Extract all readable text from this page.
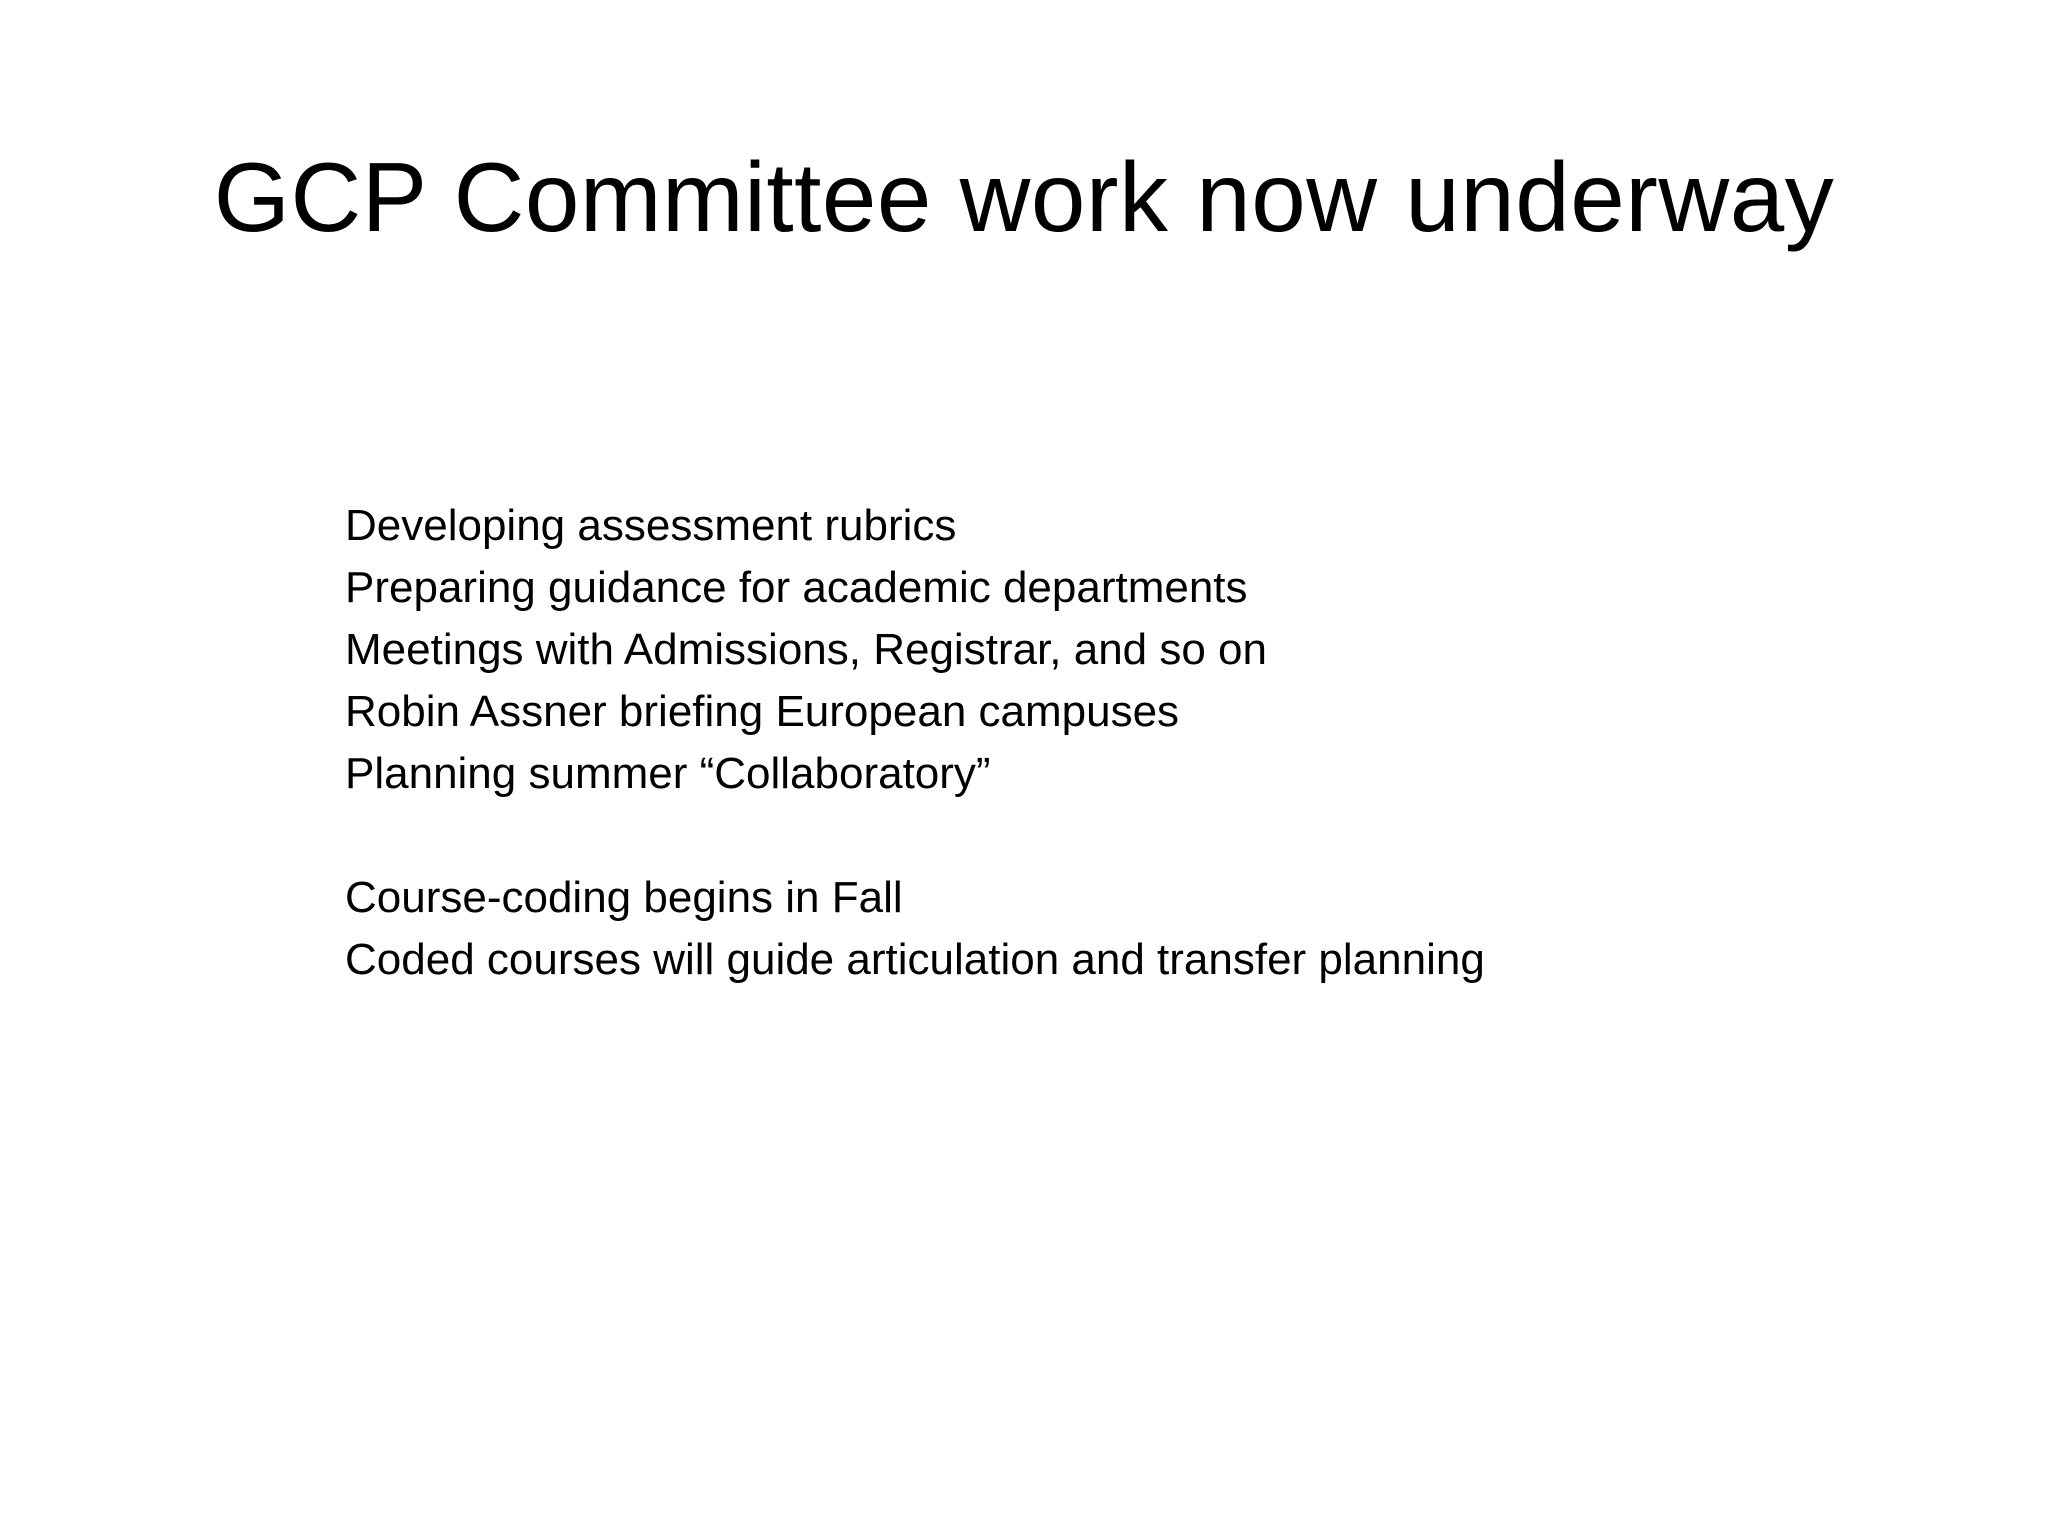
GCP Committee work now underway
Developing assessment rubrics
Preparing guidance for academic departments
Meetings with Admissions, Registrar, and so on
Robin Assner briefing European campuses
Planning summer “Collaboratory”
Course-coding begins in Fall
Coded courses will guide articulation and transfer planning
